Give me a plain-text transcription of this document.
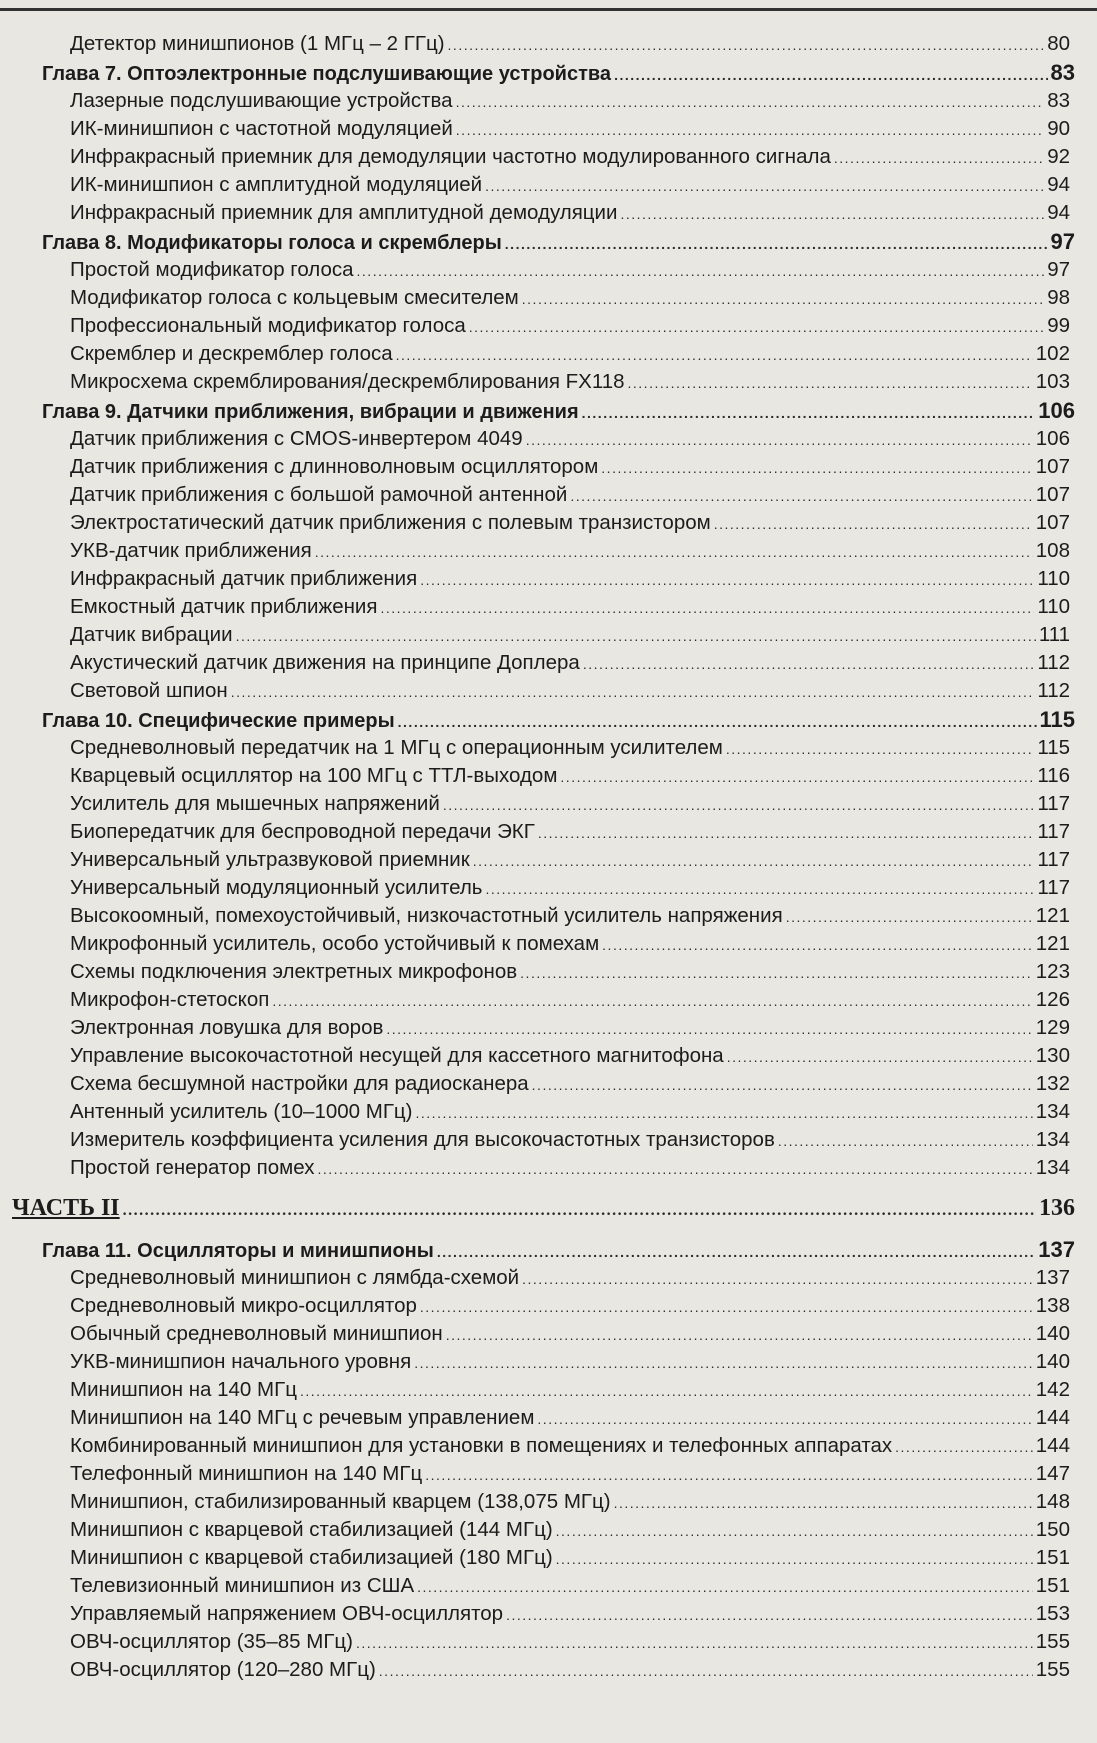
Детектор минишпионов (1 МГц – 2 ГГц) .....	80
Глава 7. Оптоэлектронные подслушивающие устройства .....	83
Лазерные подслушивающие устройства .....	83
ИК-минишпион с частотной модуляцией .....	90
Инфракрасный приемник для демодуляции частотно модулированного сигнала .....	92
ИК-минишпион с амплитудной модуляцией .....	94
Инфракрасный приемник для амплитудной демодуляции .....	94
Глава 8. Модификаторы голоса и скремблеры .....	97
Простой модификатор голоса .....	97
Модификатор голоса с кольцевым смесителем .....	98
Профессиональный модификатор голоса .....	99
Скремблер и дескремблер голоса .....	102
Микросхема скремблирования/дескремблирования FX118 .....	103
Глава 9. Датчики приближения, вибрации и движения .....	106
Датчик приближения с CMOS-инвертером 4049 .....	106
Датчик приближения с длинноволновым осциллятором .....	107
Датчик приближения с большой рамочной антенной .....	107
Электростатический датчик приближения с полевым транзистором .....	107
УКВ-датчик приближения .....	108
Инфракрасный датчик приближения .....	110
Емкостный датчик приближения .....	110
Датчик вибрации .....	111
Акустический датчик движения на принципе Доплера .....	112
Световой шпион .....	112
Глава 10. Специфические примеры .....	115
Средневолновый передатчик на 1 МГц с операционным усилителем .....	115
Кварцевый осциллятор на 100 МГц с ТТЛ-выходом .....	116
Усилитель для мышечных напряжений .....	117
Биопередатчик для беспроводной передачи ЭКГ .....	117
Универсальный ультразвуковой приемник .....	117
Универсальный модуляционный усилитель .....	117
Высокоомный, помехоустойчивый, низкочастотный усилитель напряжения .....	121
Микрофонный усилитель, особо устойчивый к помехам .....	121
Схемы подключения электретных микрофонов .....	123
Микрофон-стетоскоп .....	126
Электронная ловушка для воров .....	129
Управление высокочастотной несущей для кассетного магнитофона .....	130
Схема бесшумной настройки для радиосканера .....	132
Антенный усилитель (10–1000 МГц) .....	134
Измеритель коэффициента усиления для высокочастотных транзисторов .....	134
Простой генератор помех .....	134
ЧАСТЬ II .....	136
Глава 11. Осцилляторы и минишпионы .....	137
Средневолновый минишпион с лямбда-схемой .....	137
Средневолновый микро-осциллятор .....	138
Обычный средневолновый минишпион .....	140
УКВ-минишпион начального уровня .....	140
Минишпион на 140 МГц .....	142
Минишпион на 140 МГц с речевым управлением .....	144
Комбинированный минишпион для установки в помещениях и телефонных аппаратах .....	144
Телефонный минишпион на 140 МГц .....	147
Минишпион, стабилизированный кварцем (138,075 МГц) .....	148
Минишпион с кварцевой стабилизацией (144 МГц) .....	150
Минишпион с кварцевой стабилизацией (180 МГц) .....	151
Телевизионный минишпион из США .....	151
Управляемый напряжением ОВЧ-осциллятор .....	153
ОВЧ-осциллятор (35–85 МГц) .....	155
ОВЧ-осциллятор (120–280 МГц) .....	155
